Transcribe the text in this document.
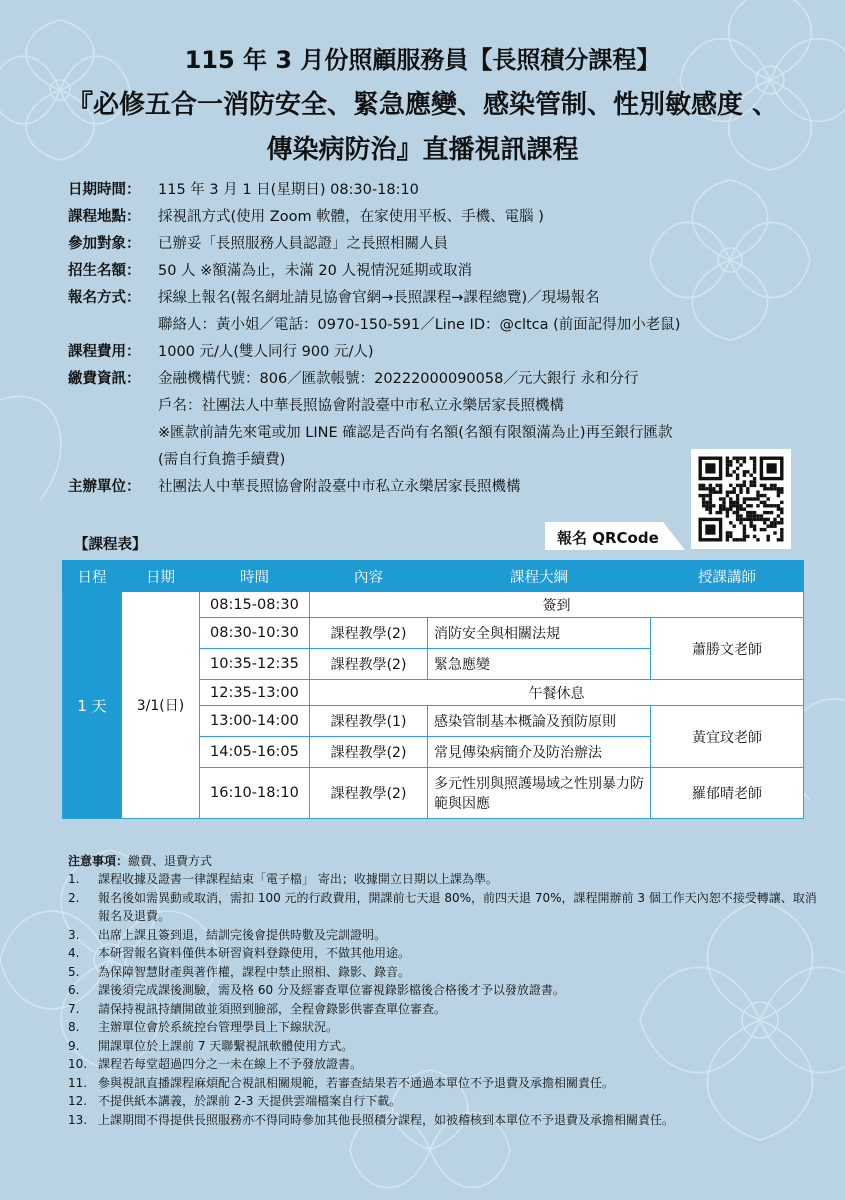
115 年 3 月份照顧服務員【長照積分課程】
『必修五合一消防安全、緊急應變、感染管制、性別敏感度 、
傳染病防治』直播視訊課程
日期時間：	115 年 3 月 1 日(星期日) 08:30-18:10
課程地點：	採視訊方式(使用 Zoom 軟體，在家使用平板、手機、電腦 )
參加對象：	已辦妥「長照服務人員認證」之長照相關人員
招生名額：	50 人 ※額滿為止，未滿 20 人視情況延期或取消
報名方式：	採線上報名(報名網址請見協會官網→長照課程→課程總覽)／現場報名
聯絡人：黃小姐／電話：0970-150-591／Line ID：@cltca (前面記得加小老鼠)
課程費用：	1000 元/人(雙人同行 900 元/人)
繳費資訊：	金融機構代號：806／匯款帳號：20222000090058／元大銀行 永和分行
戶名：社團法人中華長照協會附設臺中市私立永樂居家長照機構
※匯款前請先來電或加 LINE 確認是否尚有名額(名額有限額滿為止)再至銀行匯款
(需自行負擔手續費)
主辦單位：	社團法人中華長照協會附設臺中市私立永樂居家長照機構
報名 QRCode
【課程表】
日程	日期	時間	內容	課程大綱	授課講師
1 天	3/1(日)	08:15-08:30	簽到		
		08:30-10:30	課程教學(2)	消防安全與相關法規	蕭勝文老師
		10:35-12:35	課程教學(2)	緊急應變	
		12:35-13:00	午餐休息		
		13:00-14:00	課程教學(1)	感染管制基本概論及預防原則	黃宜玟老師
		14:05-16:05	課程教學(2)	常見傳染病簡介及防治辦法	
		16:10-18:10	課程教學(2)	多元性別與照護場域之性別暴力防範與因應	羅郁晴老師
注意事項：繳費、退費方式
1.	課程收據及證書一律課程結束「電子檔」 寄出；收據開立日期以上課為準。
2.	報名後如需異動或取消，需扣 100 元的行政費用，開課前七天退 80%，前四天退 70%，課程開辦前 3 個工作天內恕不接受轉讓、取消報名及退費。
3.	出席上課且簽到退，結訓完後會提供時數及完訓證明。
4.	本研習報名資料僅供本研習資料登錄使用，不做其他用途。
5.	為保障智慧財產與著作權，課程中禁止照相、錄影、錄音。
6.	課後須完成課後測驗，需及格 60 分及經審查單位審視錄影檔後合格後才予以發放證書。
7.	請保持視訊持續開啟並須照到臉部，全程會錄影供審查單位審查。
8.	主辦單位會於系統控台管理學員上下線狀況。
9.	開課單位於上課前 7 天聯繫視訊軟體使用方式。
10. 課程若每堂超過四分之一未在線上不予發放證書。
11. 參與視訊直播課程麻煩配合視訊相關規範，若審查結果若不通過本單位不予退費及承擔相關責任。
12. 不提供紙本講義，於課前 2-3 天提供雲端檔案自行下載。
13. 上課期間不得提供長照服務亦不得同時參加其他長照積分課程，如被稽核到本單位不予退費及承擔相關責任。
